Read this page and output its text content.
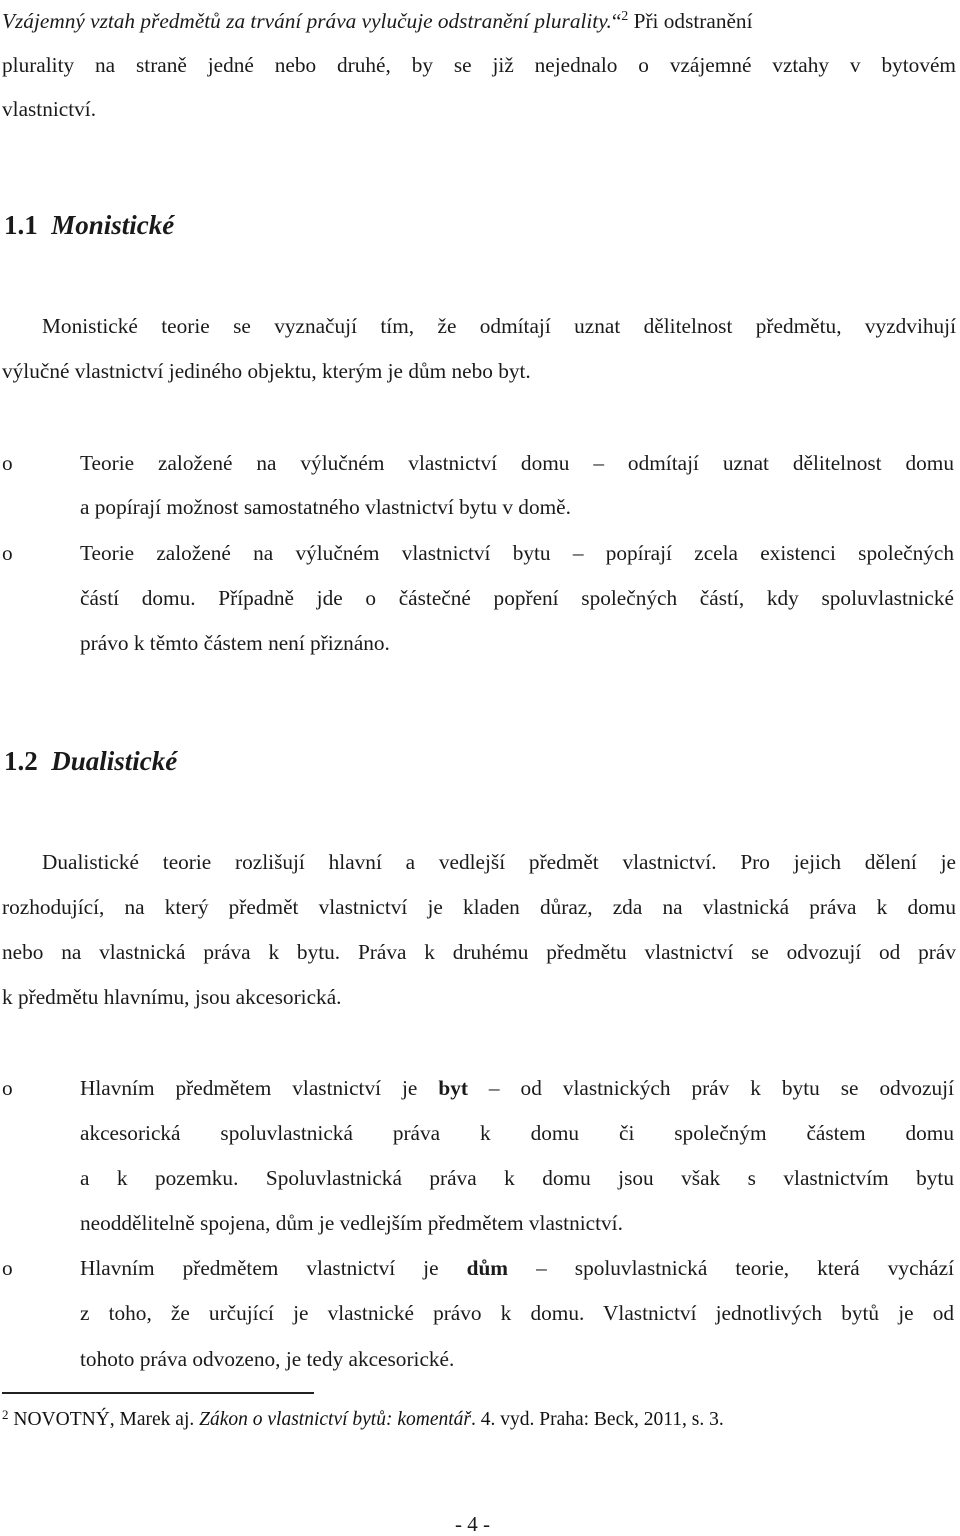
Vzájemný vztah předmětů za trvání práva vylučuje odstranění plurality.“$^2$ Při odstranění
plurality na straně jedné nebo druhé, by se již nejednalo o vzájemné vztahy v bytovém
vlastnictví.
1.1 Monistické
Monistické teorie se vyznačují tím, že odmítají uznat dělitelnost předmětu, vyzdvihují
výlučné vlastnictví jediného objektu, kterým je dům nebo byt.
o	Teorie založené na výlučném vlastnictví domu – odmítají uznat dělitelnost domu
a popírají možnost samostatného vlastnictví bytu v domě.
o	Teorie založené na výlučném vlastnictví bytu – popírají zcela existenci společných
částí domu. Případně jde o částečné popření společných částí, kdy spoluvlastnické
právo k těmto částem není přiznáno.
1.2 Dualistické
Dualistické teorie rozlišují hlavní a vedlejší předmět vlastnictví. Pro jejich dělení je
rozhodující, na který předmět vlastnictví je kladen důraz, zda na vlastnická práva k domu
nebo na vlastnická práva k bytu. Práva k druhému předmětu vlastnictví se odvozují od práv
k předmětu hlavnímu, jsou akcesorická.
o	Hlavním předmětem vlastnictví je byt – od vlastnických práv k bytu se odvozují
akcesorická spoluvlastnická práva k domu či společným částem domu
a k pozemku. Spoluvlastnická práva k domu jsou však s vlastnictvím bytu
neoddělitelně spojena, dům je vedlejším předmětem vlastnictví.
o	Hlavním předmětem vlastnictví je dům – spoluvlastnická teorie, která vychází
z toho, že určující je vlastnické právo k domu. Vlastnictví jednotlivých bytů je od
tohoto práva odvozeno, je tedy akcesorické.
$^2$ NOVOTNÝ, Marek aj. Zákon o vlastnictví bytů: komentář. 4. vyd. Praha: Beck, 2011, s. 3.
- 4 -
